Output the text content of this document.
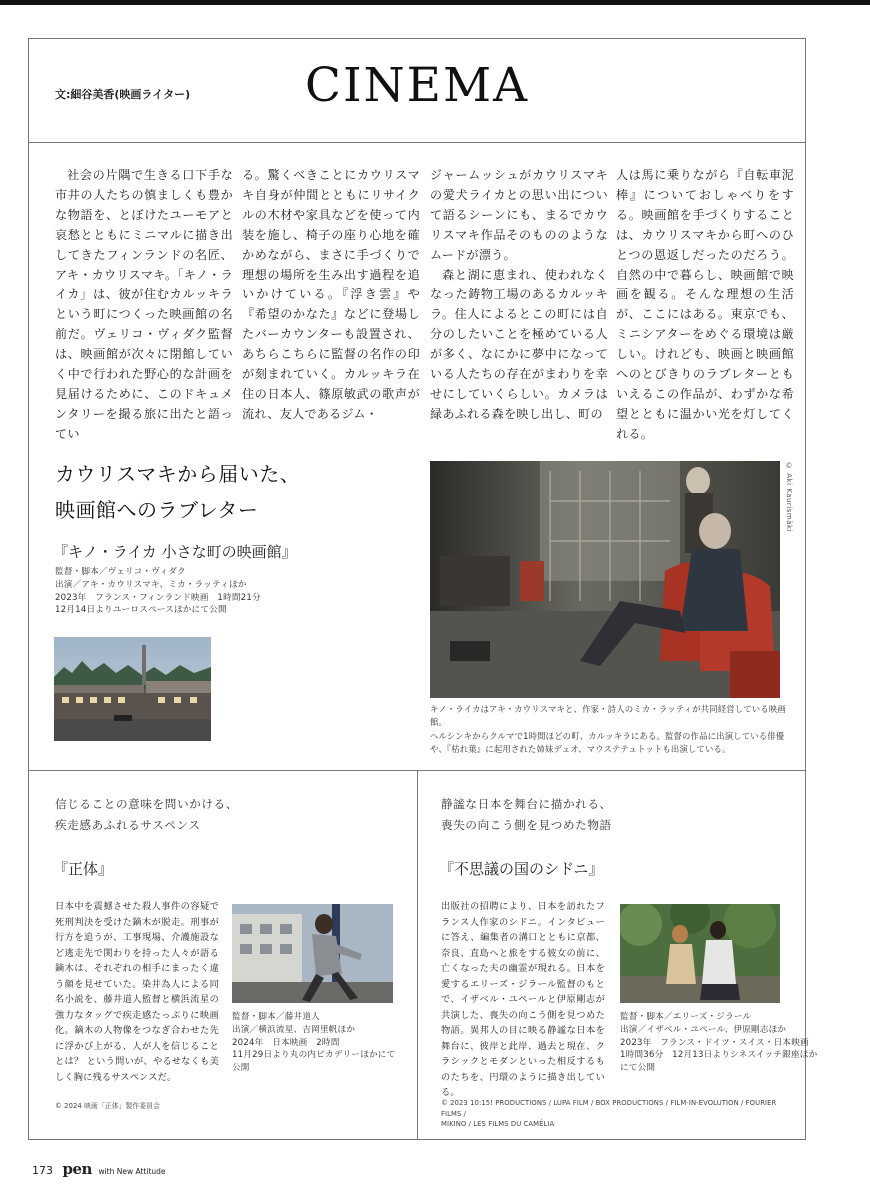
文:細谷美香(映画ライター)	CINEMA

社会の片隅で生きる口下手な市井の人たちの慎ましくも豊かな物語を、とぼけたユーモアと哀愁とともにミニマルに描き出してきたフィンランドの名匠、アキ・カウリスマキ。「キノ・ライカ」は、彼が住むカルッキラという町につくった映画館の名前だ。ヴェリコ・ヴィダク監督は、映画館が次々に閉館していく中で行われた野心的な計画を見届けるために、このドキュメンタリーを撮る旅に出たと語ってい

る。驚くべきことにカウリスマキ自身が仲間とともにリサイクルの木材や家具などを使って内装を施し、椅子の座り心地を確かめながら、まさに手づくりで理想の場所を生み出す過程を追いかけている。『浮き雲』や『希望のかなた』などに登場したバーカウンターも設置され、あちらこちらに監督の名作の印が刻まれていく。カルッキラ在住の日本人、篠原敏武の歌声が流れ、友人であるジム・

ジャームッシュがカウリスマキの愛犬ライカとの思い出について語るシーンにも、まるでカウリスマキ作品そのもののようなムードが漂う。

森と湖に恵まれ、使われなくなった鋳物工場のあるカルッキラ。住人によるとこの町には自分のしたいことを極めている人が多く、なにかに夢中になっている人たちの存在がまわりを幸せにしていくらしい。カメラは緑あふれる森を映し出し、町の

人は馬に乗りながら『自転車泥棒』についておしゃべりをする。映画館を手づくりすることは、カウリスマキから町へのひとつの恩返しだったのだろう。自然の中で暮らし、映画館で映画を観る。そんな理想の生活が、ここにはある。東京でも、ミニシアターをめぐる環境は厳しい。けれども、映画と映画館へのとびきりのラブレターともいえるこの作品が、わずかな希望とともに温かい光を灯してくれる。

カウリスマキから届いた、
映画館へのラブレター
『キノ・ライカ 小さな町の映画館』
監督・脚本／ヴェリコ・ヴィダク
出演／アキ・カウリスマキ、ミカ・ラッティほか
2023年　フランス・フィンランド映画　1時間21分
12月14日よりユーロスペースほかにて公開
© Aki Kaurismäki
キノ・ライカはアキ・カウリスマキと、作家・詩人のミカ・ラッティが共同経営している映画館。
ヘルシンキからクルマで1時間ほどの町、カルッキラにある。監督の作品に出演している俳優
や、『枯れ葉』に起用された姉妹デュオ、マウステテュトットも出演している。
信じることの意味を問いかける、
疾走感あふれるサスペンス
『正体』
日本中を震撼させた殺人事件の容疑で死刑判決を受けた鏑木が脱走。刑事が行方を追うが、工事現場、介護施設など逃走先で関わりを持った人々が語る鏑木は、それぞれの相手にまったく違う顔を見せていた。染井為人による同名小説を、藤井道人監督と横浜流星の強力なタッグで疾走感たっぷりに映画化。鏑木の人物像をつなぎ合わせた先に浮かび上がる、人が人を信じることとは？ という問いが、やるせなくも美しく胸に残るサスペンスだ。
監督・脚本／藤井道人
出演／横浜流星、吉岡里帆ほか
2024年　日本映画　2時間
11月29日より丸の内ピカデリーほかにて
公開
© 2024 映画「正体」製作委員会
静謐な日本を舞台に描かれる、
喪失の向こう側を見つめた物語
『不思議の国のシドニ』
出版社の招聘により、日本を訪れたフランス人作家のシドニ。インタビューに答え、編集者の溝口とともに京都、奈良、直島へと旅をする彼女の前に、亡くなった夫の幽霊が現れる。日本を愛するエリーズ・ジラール監督のもとで、イザベル・ユペールと伊原剛志が共演した、喪失の向こう側を見つめた物語。異邦人の目に映る静謐な日本を舞台に、彼岸と此岸、過去と現在、クラシックとモダンといった相反するものたちを、円環のように描き出している。
監督・脚本／エリーズ・ジラール
出演／イザベル・ユペール、伊原剛志ほか
2023年　フランス・ドイツ・スイス・日本映画
1時間36分　12月13日よりシネスイッチ銀座ほか
にて公開
© 2023 10:15! PRODUCTIONS / LUPA FILM / BOX PRODUCTIONS / FILM-IN-EVOLUTION / FOURIER FILMS /
MIKINO / LES FILMS DU CAMÉLIA
173 pen with New Attitude
